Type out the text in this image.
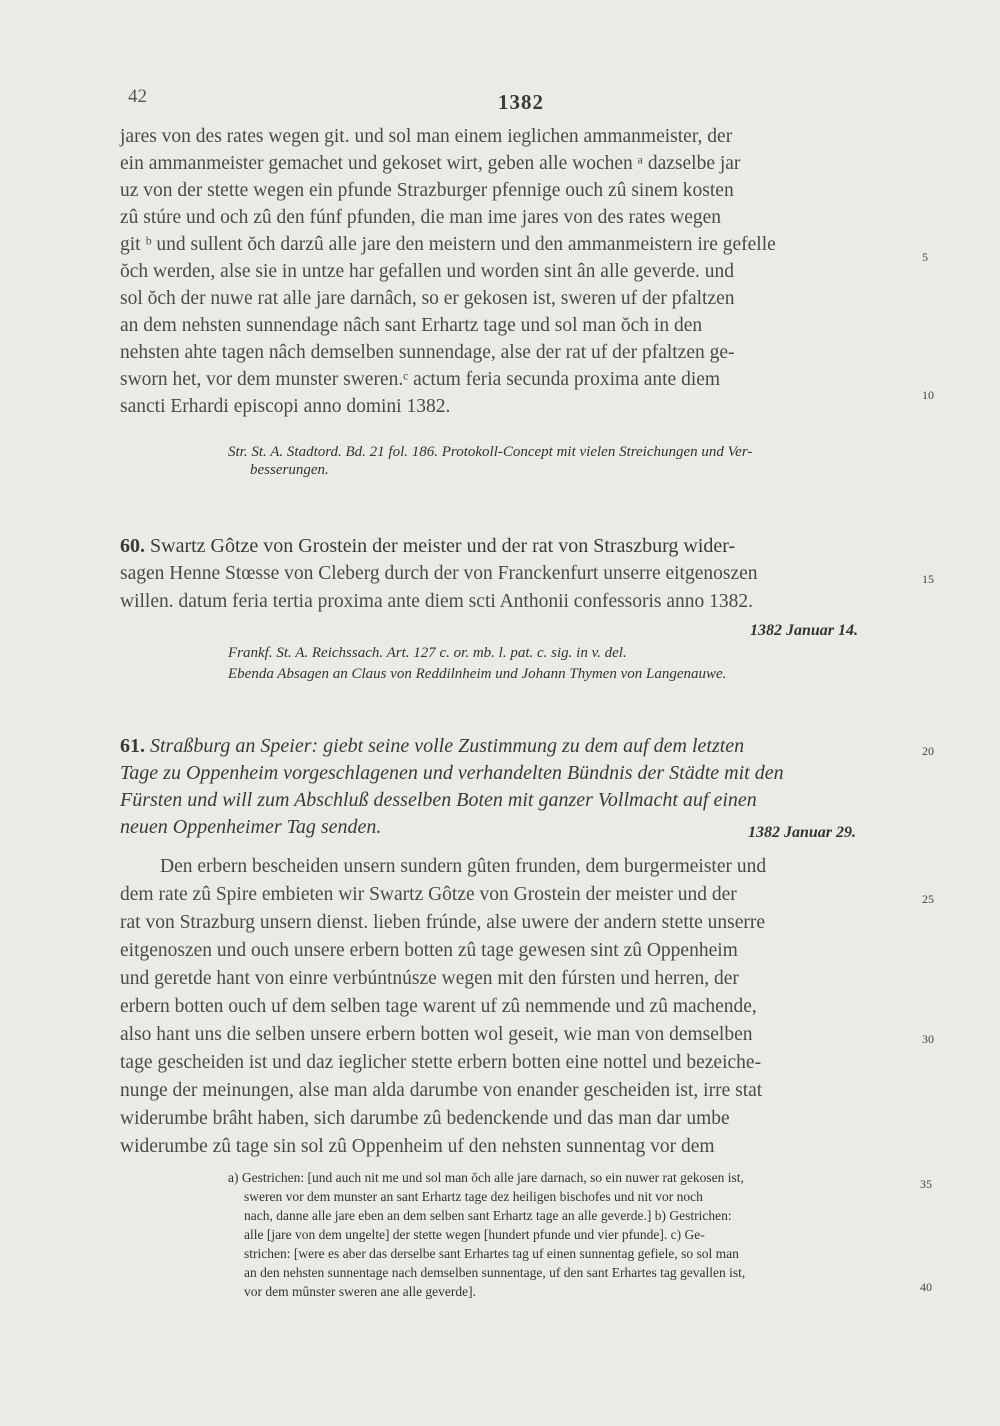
42	1382
jares von des rates wegen git. und sol man einem ieglichen ammanmeister, der
ein ammanmeister gemachet und gekoset wirt, geben alle wochen ᵃ dazselbe jar
uz von der stette wegen ein pfunde Strazburger pfennige ouch zû sinem kosten
zû stúre und och zû den fúnf pfunden, die man ime jares von des rates wegen
git ᵇ und sullent ŏch darzû alle jare den meistern und den ammanmeistern ire gefelle
ŏch werden, alse sie in untze har gefallen und worden sint ân alle geverde. und
sol ŏch der nuwe rat alle jare darnâch, so er gekosen ist, sweren uf der pfaltzen
an dem nehsten sunnendage nâch sant Erhartz tage und sol man ŏch in den
nehsten ahte tagen nâch demselben sunnendage, alse der rat uf der pfaltzen ge-
sworn het, vor dem munster sweren.ᶜ actum feria secunda proxima ante diem
sancti Erhardi episcopi anno domini 1382.
5
10
Str. St. A. Stadtord. Bd. 21 fol. 186. Protokoll-Concept mit vielen Streichungen und Ver-
besserungen.
60. Swartz Gôtze von Grostein der meister und der rat von Straszburg wider-
sagen Henne Stœsse von Cleberg durch der von Franckenfurt unserre eitgenoszen
willen. datum feria tertia proxima ante diem scti Anthonii confessoris anno 1382.
15
1382 Januar 14.
Frankf. St. A. Reichssach. Art. 127 c. or. mb. l. pat. c. sig. in v. del.
Ebenda Absagen an Claus von Reddilnheim und Johann Thymen von Langenauwe.
61. Straßburg an Speier: giebt seine volle Zustimmung zu dem auf dem letzten
Tage zu Oppenheim vorgeschlagenen und verhandelten Bündnis der Städte mit den
Fürsten und will zum Abschluß desselben Boten mit ganzer Vollmacht auf einen
neuen Oppenheimer Tag senden.
20
1382 Januar 29.
Den erbern bescheiden unsern sundern gûten frunden, dem burgermeister und
dem rate zû Spire embieten wir Swartz Gôtze von Grostein der meister und der
rat von Strazburg unsern dienst. lieben frúnde, alse uwere der andern stette unserre
eitgenoszen und ouch unsere erbern botten zû tage gewesen sint zû Oppenheim
und geretde hant von einre verbúntnúsze wegen mit den fúrsten und herren, der
erbern botten ouch uf dem selben tage warent uf zû nemmende und zû machende,
also hant uns die selben unsere erbern botten wol geseit, wie man von demselben
tage gescheiden ist und daz ieglicher stette erbern botten eine nottel und bezeiche-
nunge der meinungen, alse man alda darumbe von enander gescheiden ist, irre stat
widerumbe brâht haben, sich darumbe zû bedenckende und das man dar umbe
widerumbe zû tage sin sol zû Oppenheim uf den nehsten sunnentag vor dem
25
30
a) Gestrichen: [und auch nit me und sol man ŏch alle jare darnach, so ein nuwer rat gekosen ist,
sweren vor dem munster an sant Erhartz tage dez heiligen bischofes und nit vor noch
nach, danne alle jare eben an dem selben sant Erhartz tage an alle geverde.] b) Gestrichen:
alle [jare von dem ungelte] der stette wegen [hundert pfunde und vier pfunde]. c) Ge-
strichen: [were es aber das derselbe sant Erhartes tag uf einen sunnentag gefiele, so sol man
an den nehsten sunnentage nach demselben sunnentage, uf den sant Erhartes tag gevallen ist,
vor dem mûnster sweren ane alle geverde].
35
40
